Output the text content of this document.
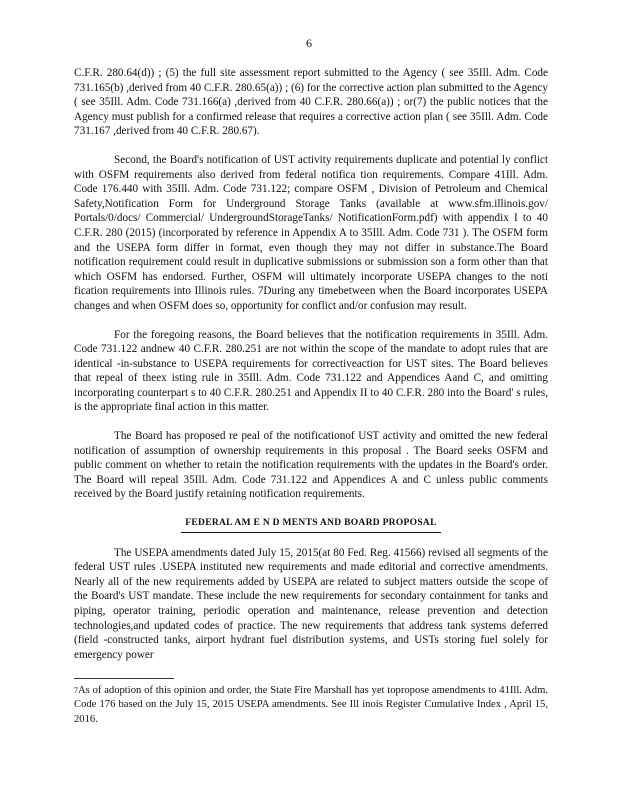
6

C.F.R. 280.64(d)) ; (5) the full site assessment report submitted to the Agency ( see 35Ill. Adm. Code 731.165(b) ,derived from 40 C.F.R. 280.65(a)) ; (6) for the corrective action plan submitted to the Agency ( see 35Ill. Adm. Code 731.166(a) ,derived from 40 C.F.R. 280.66(a)) ; or(7) the public notices that the Agency must publish for a confirmed release that requires a corrective action plan ( see 35Ill. Adm. Code 731.167 ,derived from 40 C.F.R. 280.67).

Second, the Board's notification of UST activity requirements duplicate and potential ly conflict with OSFM requirements also derived from federal notifica tion requirements. Compare 41Ill. Adm. Code 176.440 with 35Ill. Adm. Code 731.122; compare OSFM , Division of Petroleum and Chemical Safety,Notification Form for Underground Storage Tanks (available at www.sfm.illinois.gov/ Portals/0/docs/ Commercial/ UndergroundStorageTanks/ NotificationForm.pdf) with appendix I to 40 C.F.R. 280 (2015) (incorporated by reference in Appendix A to 35Ill. Adm. Code 731 ). The OSFM form and the USEPA form differ in format, even though they may not differ in substance.The Board notification requirement could result in duplicative submissions or submission son a form other than that which OSFM has endorsed. Further, OSFM will ultimately incorporate USEPA changes to the noti fication requirements into Illinois rules. 7During any timebetween when the Board incorporates USEPA changes and when OSFM does so, opportunity for conflict and/or confusion may result.

For the foregoing reasons, the Board believes that the notification requirements in 35Ill. Adm. Code 731.122 andnew 40 C.F.R. 280.251 are not within the scope of the mandate to adopt rules that are identical -in-substance to USEPA requirements for correctiveaction for UST sites. The Board believes that repeal of theex isting rule in 35Ill. Adm. Code 731.122 and Appendices Aand C, and omitting incorporating counterpart s to 40 C.F.R. 280.251 and Appendix II to 40 C.F.R. 280 into the Board' s rules, is the appropriate final action in this matter.

The Board has proposed re peal of the notificationof UST activity and omitted the new federal notification of assumption of ownership requirements in this proposal . The Board seeks OSFM and public comment on whether to retain the notification requirements with the updates in the Board's order. The Board will repeal 35Ill. Adm. Code 731.122 and Appendices A and C unless public comments received by the Board justify retaining notification requirements.

FEDERAL AM E N D MENTS AND BOARD PROPOSAL

The USEPA amendments dated July 15, 2015(at 80 Fed. Reg. 41566) revised all segments of the federal UST rules .USEPA instituted new requirements and made editorial and corrective amendments. Nearly all of the new requirements added by USEPA are related to subject matters outside the scope of the Board's UST mandate. These include the new requirements for secondary containment for tanks and piping, operator training, periodic operation and maintenance, release prevention and detection technologies,and updated codes of practice. The new requirements that address tank systems deferred (field -constructed tanks, airport hydrant fuel distribution systems, and USTs storing fuel solely for emergency power

$^7$As of adoption of this opinion and order, the State Fire Marshall has yet topropose amendments to 41Ill. Adm. Code 176 based on the July 15, 2015 USEPA amendments. See Ill inois Register Cumulative Index , April 15, 2016.
